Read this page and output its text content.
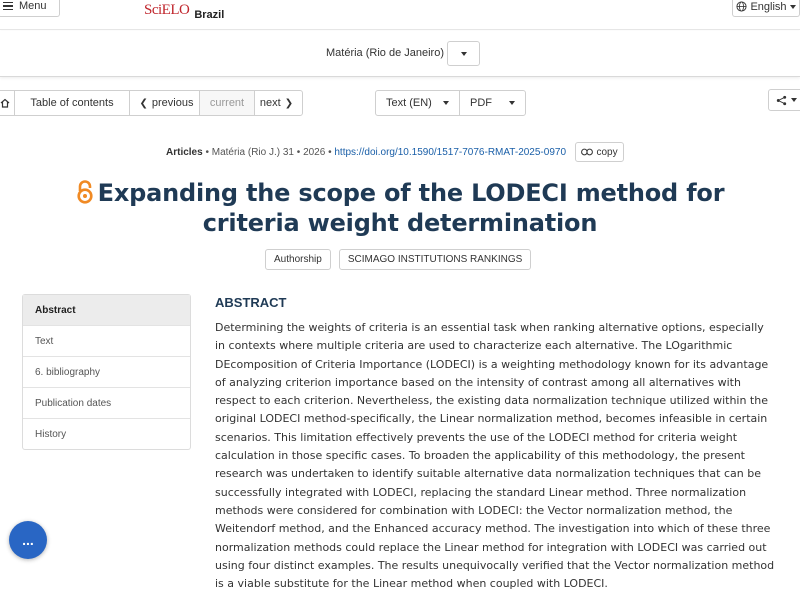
Menu	SciELO Brazil
English
Matéria (Rio de Janeiro)
Table of contents	❮ previous current next ❯	Text (EN)	PDF
Articles • Matéria (Rio J.) 31 • 2026 • https://doi.org/10.1590/1517-7076-RMAT-2025-0970	copy
Expanding the scope of the LODECI method for criteria weight determination
Authorship	SCIMAGO INSTITUTIONS RANKINGS
Abstract
Text
6. bibliography
Publication dates
History
ABSTRACT

Determining the weights of criteria is an essential task when ranking alternative options, especially in contexts where multiple criteria are used to characterize each alternative. The LOgarithmic DEcomposition of Criteria Importance (LODECI) is a weighting methodology known for its advantage of analyzing criterion importance based on the intensity of contrast among all alternatives with respect to each criterion. Nevertheless, the existing data normalization technique utilized within the original LODECI method-specifically, the Linear normalization method, becomes infeasible in certain scenarios. This limitation effectively prevents the use of the LODECI method for criteria weight calculation in those specific cases. To broaden the applicability of this methodology, the present research was undertaken to identify suitable alternative data normalization techniques that can be successfully integrated with LODECI, replacing the standard Linear method. Three normalization methods were considered for combination with LODECI: the Vector normalization method, the Weitendorf method, and the Enhanced accuracy method. The investigation into which of these three normalization methods could replace the Linear method for integration with LODECI was carried out using four distinct examples. The results unequivocally verified that the Vector normalization method is a viable substitute for the Linear method when coupled with LODECI.

...
